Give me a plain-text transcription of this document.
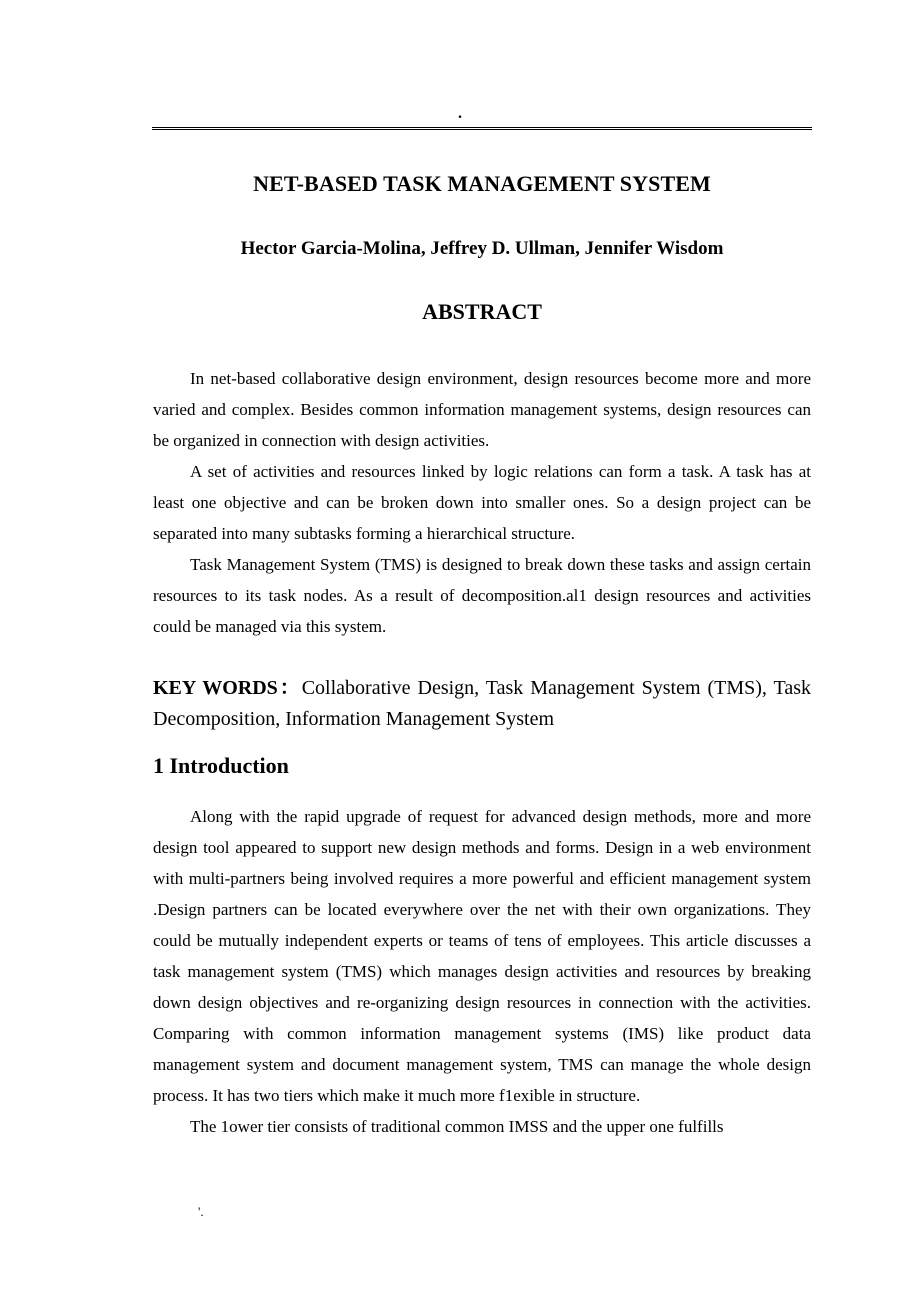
.
NET-BASED TASK MANAGEMENT SYSTEM
Hector Garcia-Molina, Jeffrey D. Ullman, Jennifer Wisdom
ABSTRACT

In net-based collaborative design environment, design resources become more and more varied and complex. Besides common information management systems, design resources can be organized in connection with design activities.

A set of activities and resources linked by logic relations can form a task. A task has at least one objective and can be broken down into smaller ones. So a design project can be separated into many subtasks forming a hierarchical structure.

Task Management System (TMS) is designed to break down these tasks and assign certain resources to its task nodes. As a result of decomposition.al1 design resources and activities could be managed via this system.

KEY WORDS：Collaborative Design, Task Management System (TMS), Task Decomposition, Information Management System
1 Introduction

Along with the rapid upgrade of request for advanced design methods, more and more design tool appeared to support new design methods and forms. Design in a web environment with multi-partners being involved requires a more powerful and efficient management system .Design partners can be located everywhere over the net with their own organizations. They could be mutually independent experts or teams of tens of employees. This article discusses a task management system (TMS) which manages design activities and resources by breaking down design objectives and re-organizing design resources in connection with the activities. Comparing with common information management systems (IMS) like product data management system and document management system, TMS can manage the whole design process. It has two tiers which make it much more f1exible in structure.

The 1ower tier consists of traditional common IMSS and the upper one fulfills

'.
